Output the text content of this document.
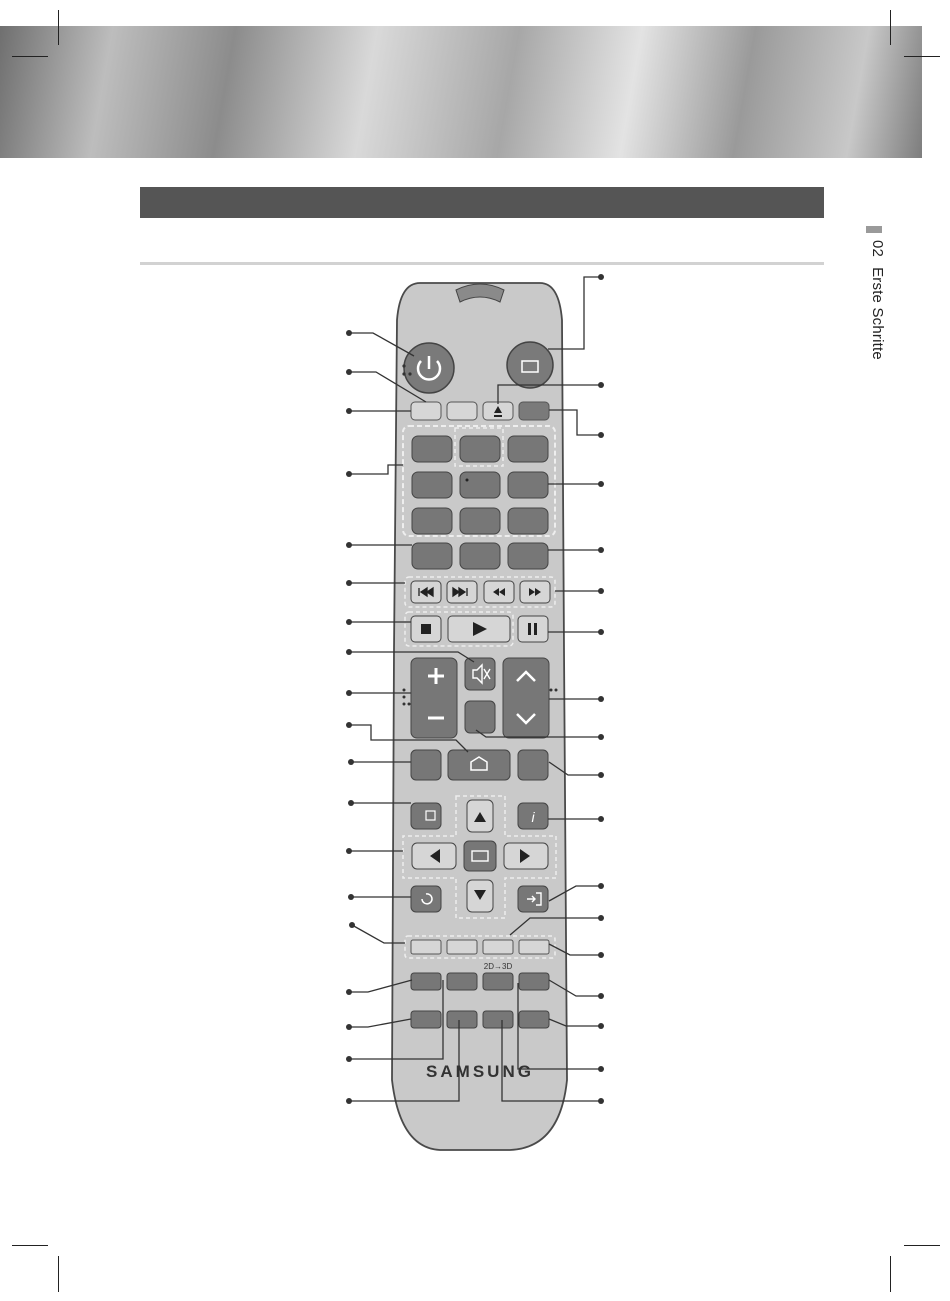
02Erste Schritte
i
2D→3D
SAMSUNG
